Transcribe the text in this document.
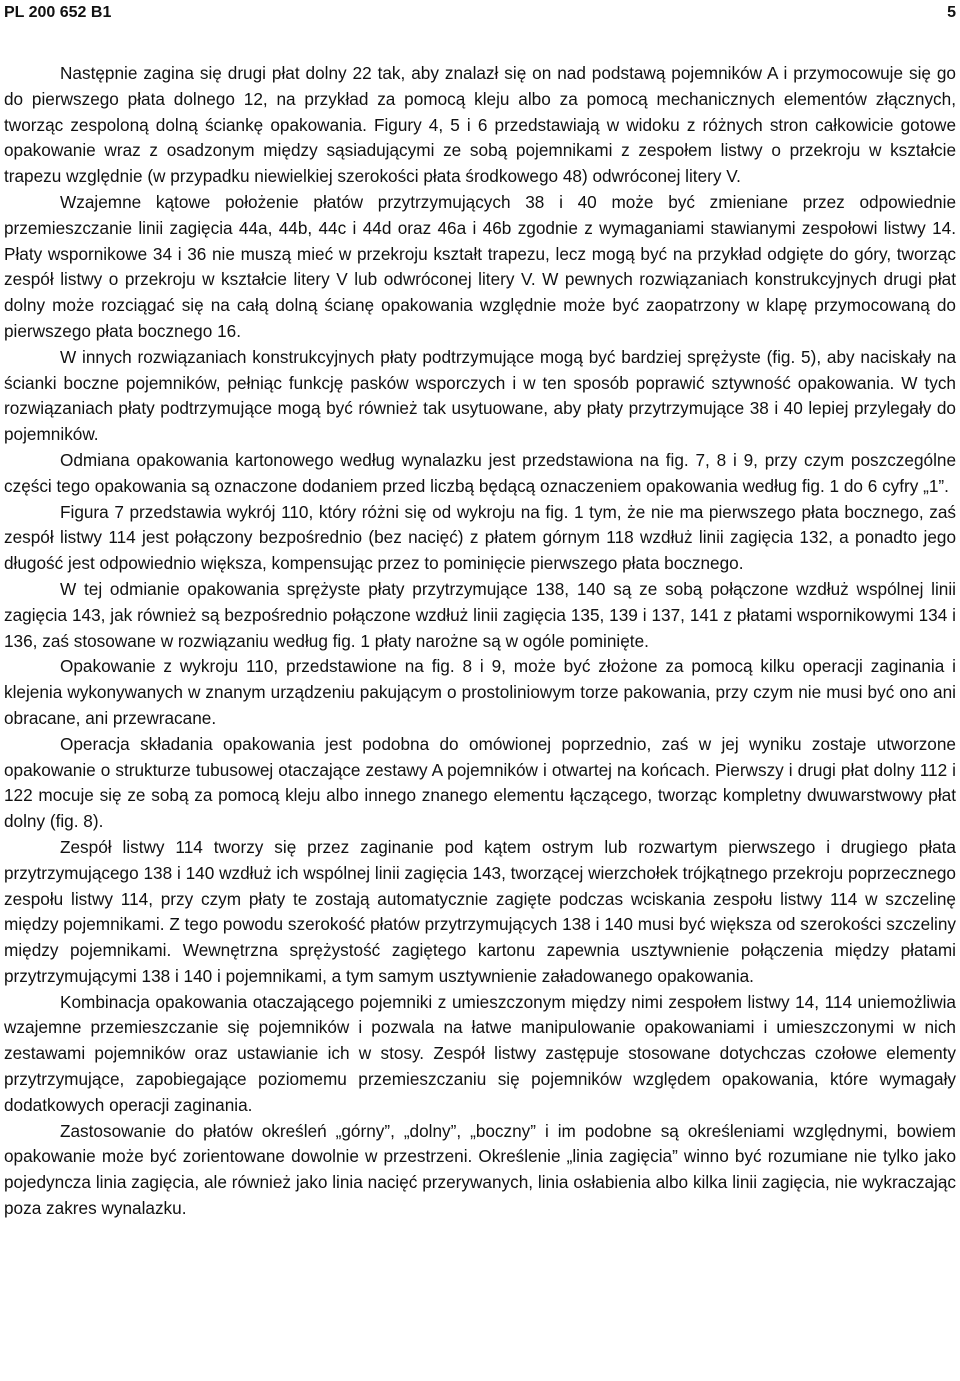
PL 200 652 B1	5

Następnie zagina się drugi płat dolny 22 tak, aby znalazł się on nad podstawą pojemników A i przymocowuje się go do pierwszego płata dolnego 12, na przykład za pomocą kleju albo za pomocą mechanicznych elementów złącznych, tworząc zespoloną dolną ściankę opakowania. Figury 4, 5 i 6 przedstawiają w widoku z różnych stron całkowicie gotowe opakowanie wraz z osadzonym między sąsiadującymi ze sobą pojemnikami z zespołem listwy o przekroju w kształcie trapezu względnie (w przypadku niewielkiej szerokości płata środkowego 48) odwróconej litery V.

Wzajemne kątowe położenie płatów przytrzymujących 38 i 40 może być zmieniane przez odpowiednie przemieszczanie linii zagięcia 44a, 44b, 44c i 44d oraz 46a i 46b zgodnie z wymaganiami stawianymi zespołowi listwy 14. Płaty wspornikowe 34 i 36 nie muszą mieć w przekroju kształt trapezu, lecz mogą być na przykład odgięte do góry, tworząc zespół listwy o przekroju w kształcie litery V lub odwróconej litery V. W pewnych rozwiązaniach konstrukcyjnych drugi płat dolny może rozciągać się na całą dolną ścianę opakowania względnie może być zaopatrzony w klapę przymocowaną do pierwszego płata bocznego 16.

W innych rozwiązaniach konstrukcyjnych płaty podtrzymujące mogą być bardziej sprężyste (fig. 5), aby naciskały na ścianki boczne pojemników, pełniąc funkcję pasków wsporczych i w ten sposób poprawić sztywność opakowania. W tych rozwiązaniach płaty podtrzymujące mogą być również tak usytuowane, aby płaty przytrzymujące 38 i 40 lepiej przylegały do pojemników.

Odmiana opakowania kartonowego według wynalazku jest przedstawiona na fig. 7, 8 i 9, przy czym poszczególne części tego opakowania są oznaczone dodaniem przed liczbą będącą oznaczeniem opakowania według fig. 1 do 6 cyfry „1”.

Figura 7 przedstawia wykrój 110, który różni się od wykroju na fig. 1 tym, że nie ma pierwszego płata bocznego, zaś zespół listwy 114 jest połączony bezpośrednio (bez nacięć) z płatem górnym 118 wzdłuż linii zagięcia 132, a ponadto jego długość jest odpowiednio większa, kompensując przez to pominięcie pierwszego płata bocznego.

W tej odmianie opakowania sprężyste płaty przytrzymujące 138, 140 są ze sobą połączone wzdłuż wspólnej linii zagięcia 143, jak również są bezpośrednio połączone wzdłuż linii zagięcia 135, 139 i 137, 141 z płatami wspornikowymi 134 i 136, zaś stosowane w rozwiązaniu według fig. 1 płaty narożne są w ogóle pominięte.

Opakowanie z wykroju 110, przedstawione na fig. 8 i 9, może być złożone za pomocą kilku operacji zaginania i klejenia wykonywanych w znanym urządzeniu pakującym o prostoliniowym torze pakowania, przy czym nie musi być ono ani obracane, ani przewracane.

Operacja składania opakowania jest podobna do omówionej poprzednio, zaś w jej wyniku zostaje utworzone opakowanie o strukturze tubusowej otaczające zestawy A pojemników i otwartej na końcach. Pierwszy i drugi płat dolny 112 i 122 mocuje się ze sobą za pomocą kleju albo innego znanego elementu łączącego, tworząc kompletny dwuwarstwowy płat dolny (fig. 8).

Zespół listwy 114 tworzy się przez zaginanie pod kątem ostrym lub rozwartym pierwszego i drugiego płata przytrzymującego 138 i 140 wzdłuż ich wspólnej linii zagięcia 143, tworzącej wierzchołek trójkątnego przekroju poprzecznego zespołu listwy 114, przy czym płaty te zostają automatycznie zagięte podczas wciskania zespołu listwy 114 w szczelinę między pojemnikami. Z tego powodu szerokość płatów przytrzymujących 138 i 140 musi być większa od szerokości szczeliny między pojemnikami. Wewnętrzna sprężystość zagiętego kartonu zapewnia usztywnienie połączenia między płatami przytrzymującymi 138 i 140 i pojemnikami, a tym samym usztywnienie załadowanego opakowania.

Kombinacja opakowania otaczającego pojemniki z umieszczonym między nimi zespołem listwy 14, 114 uniemożliwia wzajemne przemieszczanie się pojemników i pozwala na łatwe manipulowanie opakowaniami i umieszczonymi w nich zestawami pojemników oraz ustawianie ich w stosy. Zespół listwy zastępuje stosowane dotychczas czołowe elementy przytrzymujące, zapobiegające poziomemu przemieszczaniu się pojemników względem opakowania, które wymagały dodatkowych operacji zaginania.

Zastosowanie do płatów określeń „górny”, „dolny”, „boczny” i im podobne są określeniami względnymi, bowiem opakowanie może być zorientowane dowolnie w przestrzeni. Określenie „linia zagięcia” winno być rozumiane nie tylko jako pojedyncza linia zagięcia, ale również jako linia nacięć przerywanych, linia osłabienia albo kilka linii zagięcia, nie wykraczając poza zakres wynalazku.
